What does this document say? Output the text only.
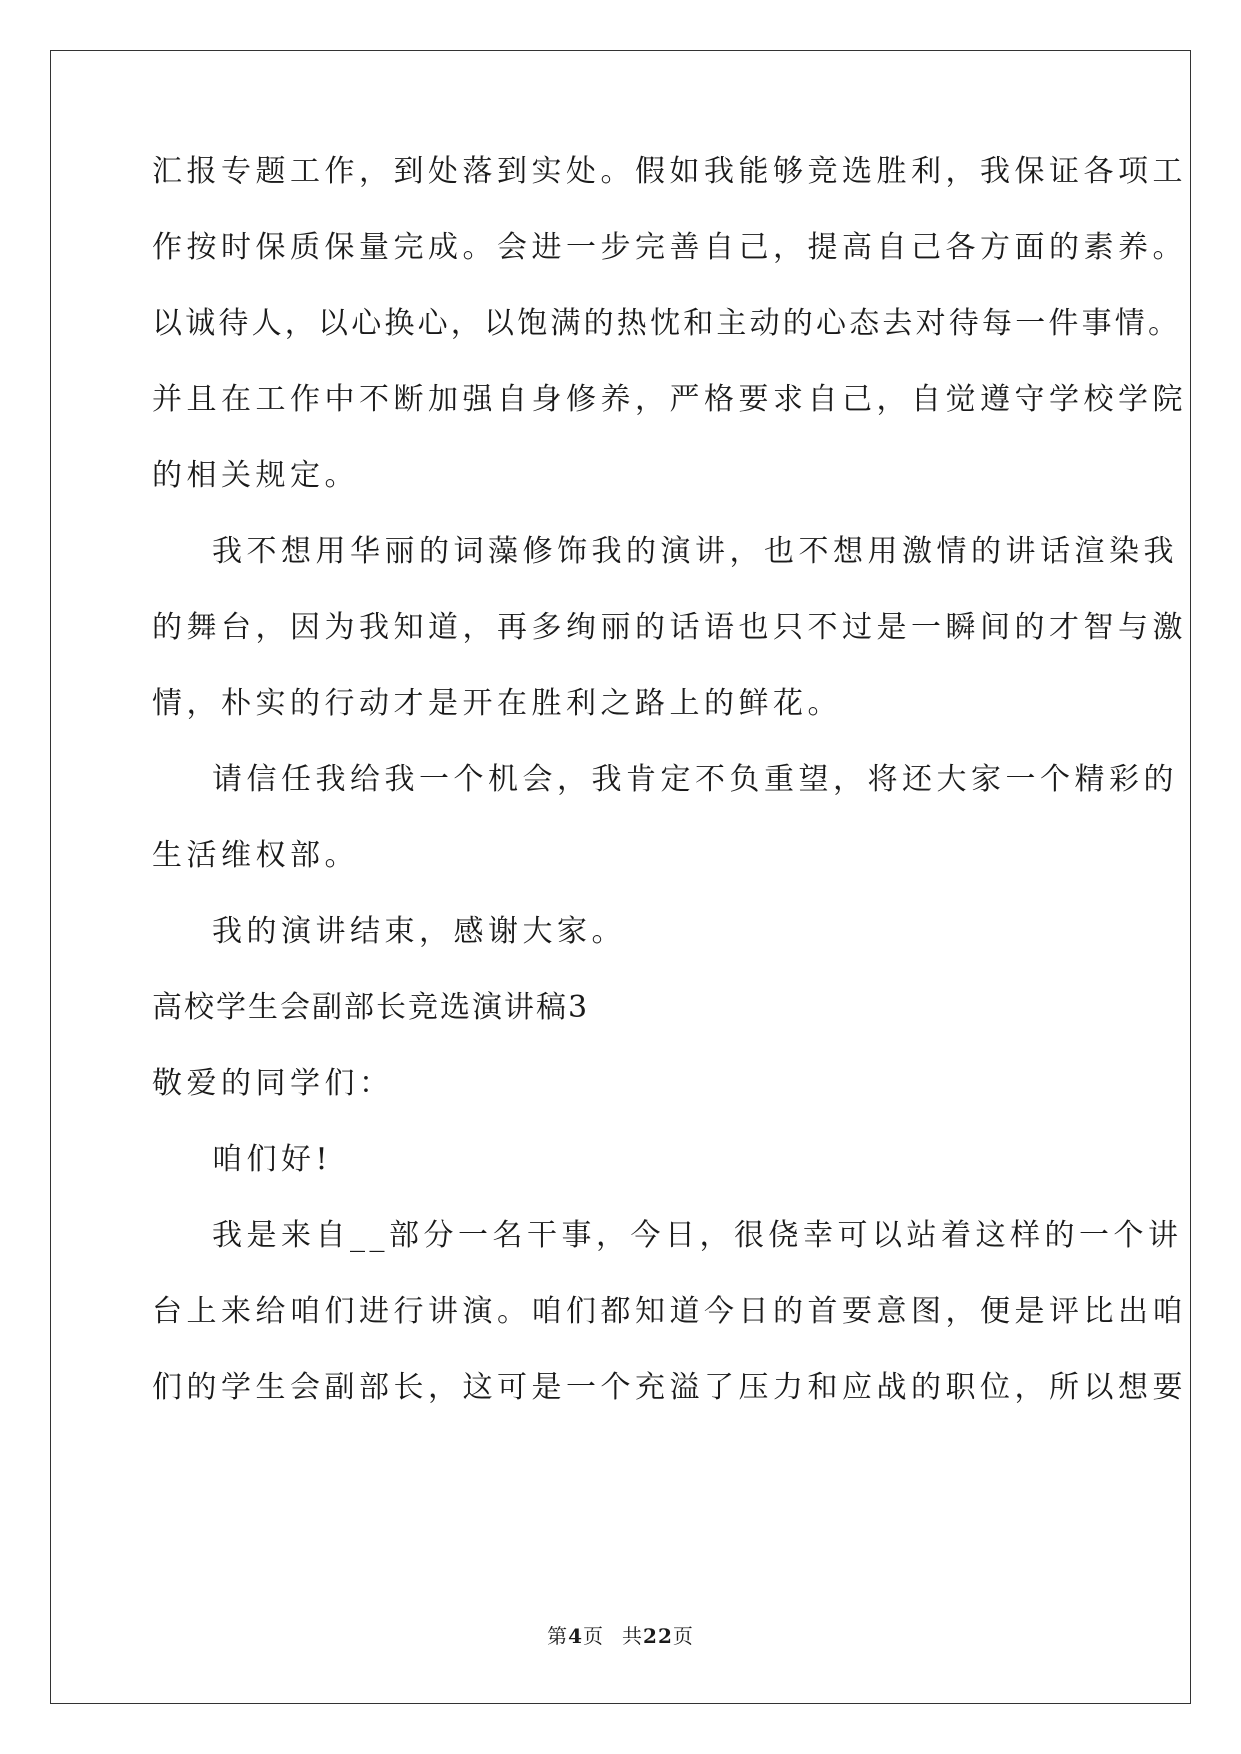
汇报专题工作，到处落到实处。假如我能够竞选胜利，我保证各项工
作按时保质保量完成。会进一步完善自己，提高自己各方面的素养。
以诚待人，以心换心，以饱满的热忱和主动的心态去对待每一件事情。
并且在工作中不断加强自身修养，严格要求自己，自觉遵守学校学院
的相关规定。
我不想用华丽的词藻修饰我的演讲，也不想用激情的讲话渲染我
的舞台，因为我知道，再多绚丽的话语也只不过是一瞬间的才智与激
情，朴实的行动才是开在胜利之路上的鲜花。
请信任我给我一个机会，我肯定不负重望，将还大家一个精彩的
生活维权部。
我的演讲结束，感谢大家。
高校学生会副部长竞选演讲稿3
敬爱的同学们：
咱们好!
我是来自__部分一名干事，今日，很侥幸可以站着这样的一个讲
台上来给咱们进行讲演。咱们都知道今日的首要意图，便是评比出咱
们的学生会副部长，这可是一个充溢了压力和应战的职位，所以想要
第4页 共22页
